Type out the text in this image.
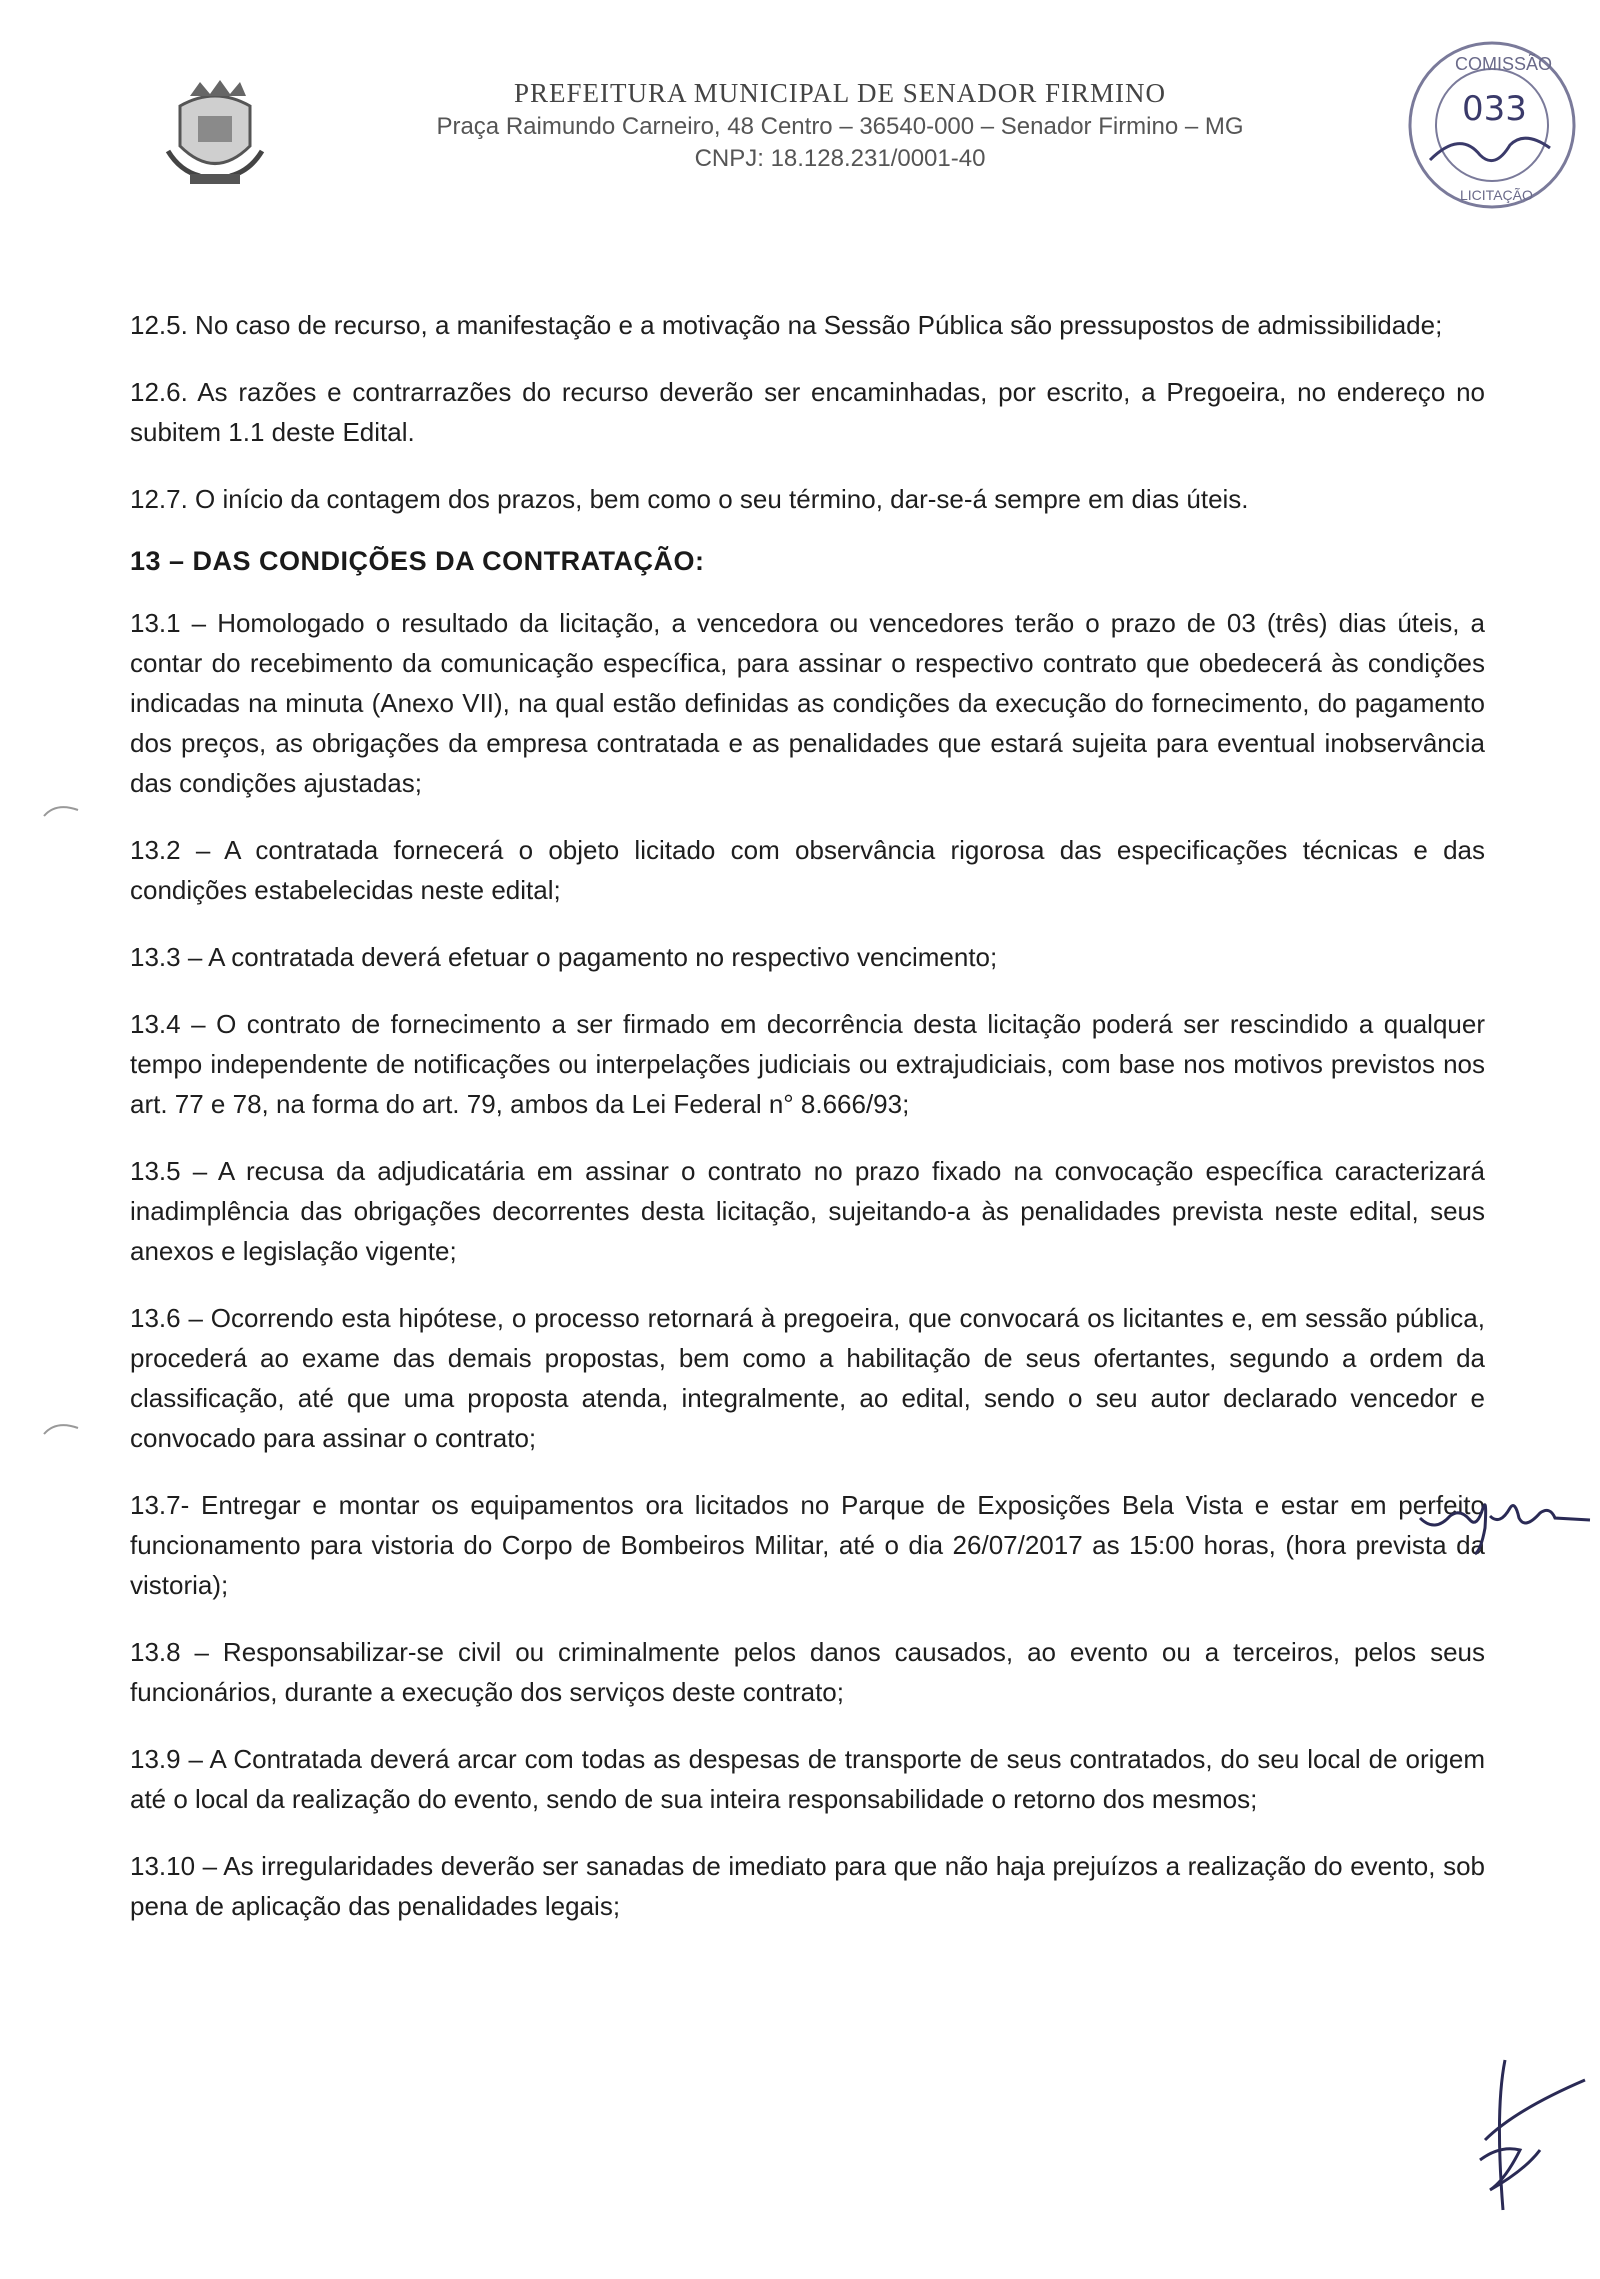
PREFEITURA MUNICIPAL DE SENADOR FIRMINO
Praça Raimundo Carneiro, 48 Centro – 36540-000 – Senador Firmino – MG
CNPJ: 18.128.231/0001-40
COMISSÃO
LICITAÇÃO
033

12.5. No caso de recurso, a manifestação e a motivação na Sessão Pública são pressupostos de admissibilidade;

12.6. As razões e contrarrazões do recurso deverão ser encaminhadas, por escrito, a Pregoeira, no endereço no subitem 1.1 deste Edital.

12.7. O início da contagem dos prazos, bem como o seu término, dar-se-á sempre em dias úteis.

13 – DAS CONDIÇÕES DA CONTRATAÇÃO:

13.1 – Homologado o resultado da licitação, a vencedora ou vencedores terão o prazo de 03 (três) dias úteis, a contar do recebimento da comunicação específica, para assinar o respectivo contrato que obedecerá às condições indicadas na minuta (Anexo VII), na qual estão definidas as condições da execução do fornecimento, do pagamento dos preços, as obrigações da empresa contratada e as penalidades que estará sujeita para eventual inobservância das condições ajustadas;

13.2 – A contratada fornecerá o objeto licitado com observância rigorosa das especificações técnicas e das condições estabelecidas neste edital;

13.3 – A contratada deverá efetuar o pagamento no respectivo vencimento;

13.4 – O contrato de fornecimento a ser firmado em decorrência desta licitação poderá ser rescindido a qualquer tempo independente de notificações ou interpelações judiciais ou extrajudiciais, com base nos motivos previstos nos art. 77 e 78, na forma do art. 79, ambos da Lei Federal n° 8.666/93;

13.5 – A recusa da adjudicatária em assinar o contrato no prazo fixado na convocação específica caracterizará inadimplência das obrigações decorrentes desta licitação, sujeitando-a às penalidades prevista neste edital, seus anexos e legislação vigente;

13.6 – Ocorrendo esta hipótese, o processo retornará à pregoeira, que convocará os licitantes e, em sessão pública, procederá ao exame das demais propostas, bem como a habilitação de seus ofertantes, segundo a ordem da classificação, até que uma proposta atenda, integralmente, ao edital, sendo o seu autor declarado vencedor e convocado para assinar o contrato;

13.7- Entregar e montar os equipamentos ora licitados no Parque de Exposições Bela Vista e estar em perfeito funcionamento para vistoria do Corpo de Bombeiros Militar, até o dia 26/07/2017 as 15:00 horas, (hora prevista da vistoria);

13.8 – Responsabilizar-se civil ou criminalmente pelos danos causados, ao evento ou a terceiros, pelos seus funcionários, durante a execução dos serviços deste contrato;

13.9 – A Contratada deverá arcar com todas as despesas de transporte de seus contratados, do seu local de origem até o local da realização do evento, sendo de sua inteira responsabilidade o retorno dos mesmos;

13.10 – As irregularidades deverão ser sanadas de imediato para que não haja prejuízos a realização do evento, sob pena de aplicação das penalidades legais;
